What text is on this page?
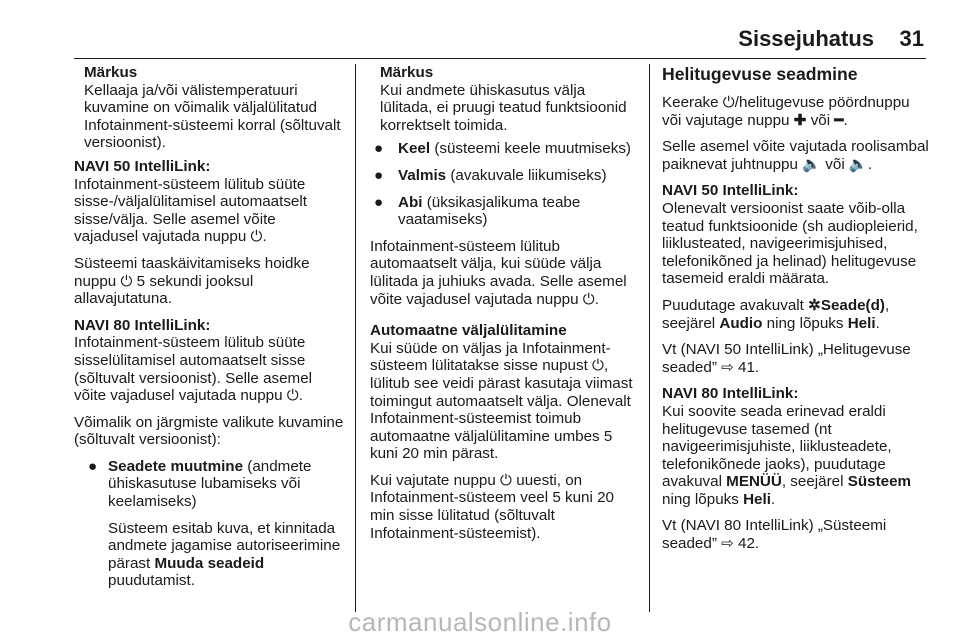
Sissejuhatus 31
Märkus
Kellaaja ja/või välistemperatuuri kuvamine on võimalik väljalülitatud Infotainment-süsteemi korral (sõltuvalt versioonist).
NAVI 50 IntelliLink:

Infotainment-süsteem lülitub süüte sisse-/väljalülitamisel automaatselt sisse/välja. Selle asemel võite vajadusel vajutada nuppu ⏻.

Süsteemi taaskäivitamiseks hoidke nuppu ⏻ 5 sekundi jooksul allavajutatuna.

NAVI 80 IntelliLink:

Infotainment-süsteem lülitub süüte sisselülitamisel automaatselt sisse (sõltuvalt versioonist). Selle asemel võite vajadusel vajutada nuppu ⏻.

Võimalik on järgmiste valikute kuvamine (sõltuvalt versioonist):

● Seadete muutmine (andmete ühiskasutuse lubamiseks või keelamiseks)
Süsteem esitab kuva, et kinnitada andmete jagamise autoriseerimine pärast Muuda seadeid puudutamist.
Märkus
Kui andmete ühiskasutus välja lülitada, ei pruugi teatud funktsioonid korrektselt toimida.
● Keel (süsteemi keele muutmiseks)
● Valmis (avakuvale liikumiseks)
● Abi (üksikasjalikuma teabe vaatamiseks)

Infotainment-süsteem lülitub automaatselt välja, kui süüde välja lülitada ja juhiuks avada. Selle asemel võite vajadusel vajutada nuppu ⏻.

Automaatne väljalülitamine

Kui süüde on väljas ja Infotainment-süsteem lülitatakse sisse nupust ⏻, lülitub see veidi pärast kasutaja viimast toimingut automaatselt välja. Olenevalt Infotainment-süsteemist toimub automaatne väljalülitamine umbes 5 kuni 20 min pärast.

Kui vajutate nuppu ⏻ uuesti, on Infotainment-süsteem veel 5 kuni 20 min sisse lülitatud (sõltuvalt Infotainment-süsteemist).

Helitugevuse seadmine

Keerake ⏻/helitugevuse pöördnuppu või vajutage nuppu ✚ või ━.

Selle asemel võite vajutada roolisambal paiknevat juhtnuppu 🔈 või 🔈.

NAVI 50 IntelliLink:

Olenevalt versioonist saate võib-olla teatud funktsioonide (sh audiopleierid, liiklusteated, navigeerimisjuhised, telefonikõned ja helinad) helitugevuse tasemeid eraldi määrata.

Puudutage avakuvalt ✲Seade(d), seejärel Audio ning lõpuks Heli.

Vt (NAVI 50 IntelliLink) „Helitugevuse seaded” ⇨ 41.

NAVI 80 IntelliLink:

Kui soovite seada erinevad eraldi helitugevuse tasemed (nt navigeerimisjuhiste, liiklusteadete, telefonikõnede jaoks), puudutage avakuval MENÜÜ, seejärel Süsteem ning lõpuks Heli.

Vt (NAVI 80 IntelliLink) „Süsteemi seaded” ⇨ 42.

carmanualsonline.info
